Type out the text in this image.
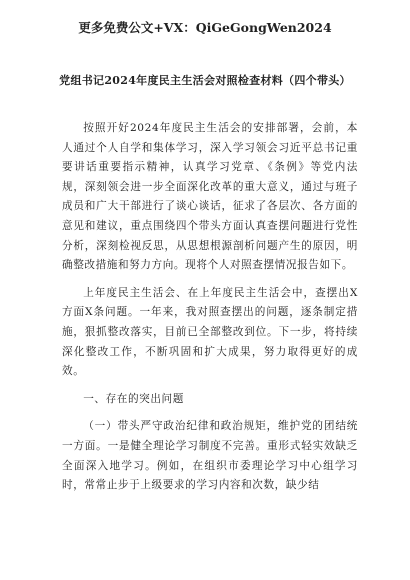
更多免费公文+VX：QiGeGongWen2024
党组书记2024年度民主生活会对照检查材料（四个带头）

按照开好2024年度民主生活会的安排部署，会前，本人通过个人自学和集体学习，深入学习领会习近平总书记重要讲话重要指示精神，认真学习党章、《条例》等党内法规，深刻领会进一步全面深化改革的重大意义，通过与班子成员和广大干部进行了谈心谈话，征求了各层次、各方面的意见和建议，重点围绕四个带头方面认真查摆问题进行党性分析，深刻检视反思，从思想根源剖析问题产生的原因，明确整改措施和努力方向。现将个人对照查摆情况报告如下。

上年度民主生活会、在上年度民主生活会中，查摆出X方面X条问题。一年来，我对照查摆出的问题，逐条制定措施，狠抓整改落实，目前已全部整改到位。下一步，将持续深化整改工作，不断巩固和扩大成果，努力取得更好的成效。

一、存在的突出问题

（一）带头严守政治纪律和政治规矩，维护党的团结统一方面。一是健全理论学习制度不完善。重形式轻实效缺乏全面深入地学习。例如，在组织市委理论学习中心组学习时，常常止步于上级要求的学习内容和次数，缺少结
